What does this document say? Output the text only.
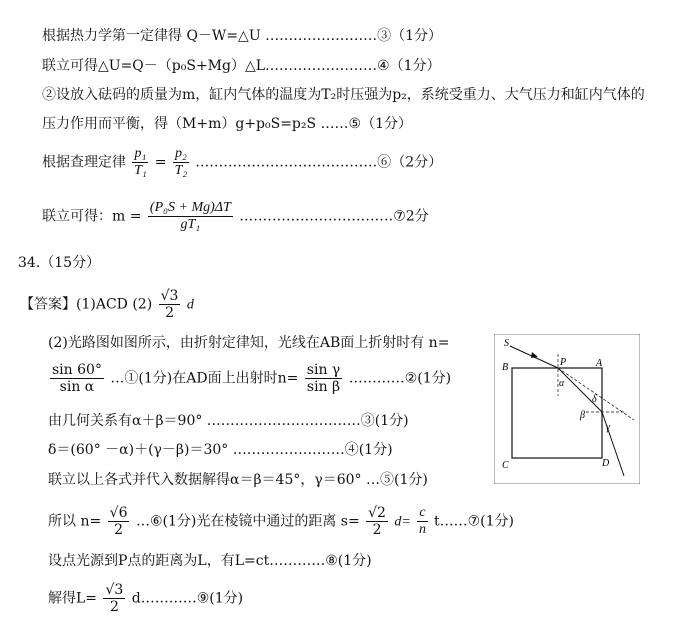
根据热力学第一定律得 Q－W=△U ……………………③（1分）
联立可得△U=Q－（p₀S+Mg）△L……………………④（1分）
②设放入砝码的质量为m，缸内气体的温度为T₂时压强为p₂，系统受重力、大气压力和缸内气体的
压力作用而平衡，得（M+m）g+p₀S=p₂S ……⑤（1分）
根据查理定律 $\frac{\text{p₁}}{\text{T₁}} = \frac{\text{p₂}}{\text{T₂}}$ …………………………………⑥（2分）
联立可得：$m = \frac{\text{(P₀S + Mg)ΔT}}{\text{gT₁}}$ ……………………………⑦2分
34.（15分）
【答案】(1)ACD $(2) \frac{√3}{2}$ d
(2)光路图如图所示，由折射定律知，光线在AB面上折射时有 n=
$\frac{\sin 60^\circ}{\text{sin α}}$ …①(1分)在AD面上出射时$n= \frac{\text{sin γ}}{\text{sin β}}$ …………②(1分)
由几何关系有α＋β＝90° ……………………………③(1分)
δ＝(60° －α)＋(γ－β)＝30° ……………………④(1分)
联立以上各式并代入数据解得α＝β＝45°，γ＝60° …⑤(1分)
所以 $n= \frac{√6}{2}$ …⑥(1分)光在棱镜中通过的距离 $s= \frac{√2}{2} d= \frac{c}{n}$ t……⑦(1分)
设点光源到P点的距离为L，有L=ct…………⑧(1分)
解得$L= \frac{√3}{2}$ d…………⑨(1分)
S
P	A
B
C	D
α
β
γ
δ
